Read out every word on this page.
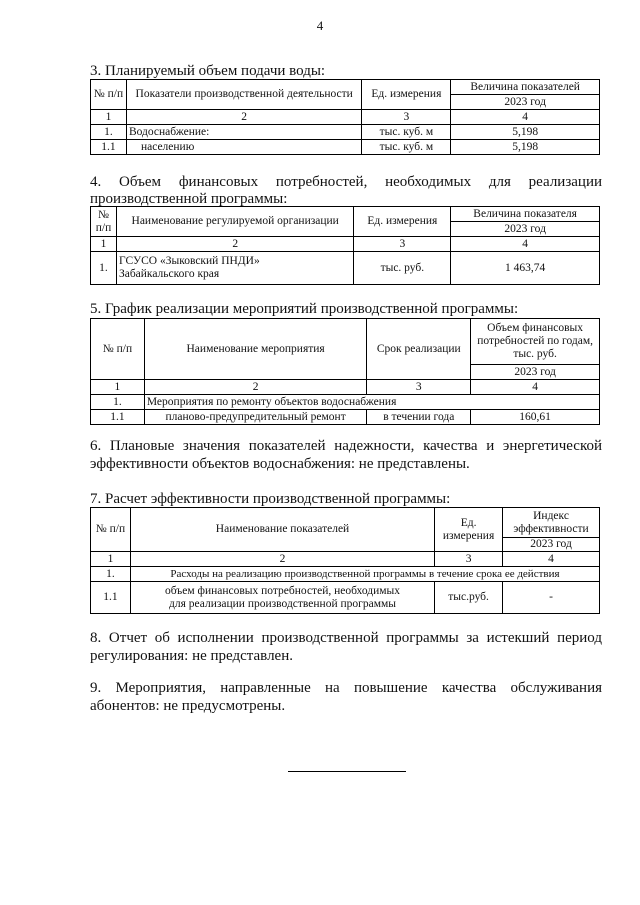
4
3. Планируемый объем подачи воды:
№ п/п	Показатели производственной деятельности	Ед. измерения	Величина показателей
			2023 год
1	2	3	4
1.	Водоснабжение:	тыс. куб. м	5,198
1.1	населению	тыс. куб. м	5,198
4. Объем финансовых потребностей, необходимых для реализации
производственной программы:
№ п/п	Наименование регулируемой организации	Ед. измерения	Величина показателя
			2023 год
1	2	3	4
1.	ГСУСО «Зыковский ПНДИ»
Забайкальского края	тыс. руб.	1 463,74
5. График реализации мероприятий производственной программы:
№ п/п	Наименование мероприятия	Срок реализации	Объем финансовых потребностей по годам, тыс. руб.
			2023 год
1	2	3	4
1.	Мероприятия по ремонту объектов водоснабжения		
1.1	планово-предупредительный ремонт	в течении года	160,61
6. Плановые значения показателей надежности, качества и энергетической
эффективности объектов водоснабжения: не представлены.
7. Расчет эффективности производственной программы:
№ п/п	Наименование показателей	Ед. измерения	Индекс эффективности
			2023 год
1	2	3	4
1.	Расходы на реализацию производственной программы в течение срока ее действия		
1.1	объем финансовых потребностей, необходимых
для реализации производственной программы	тыс.руб.	-
8. Отчет об исполнении производственной программы за истекший период
регулирования: не представлен.
9. Мероприятия, направленные на повышение качества обслуживания
абонентов: не предусмотрены.
